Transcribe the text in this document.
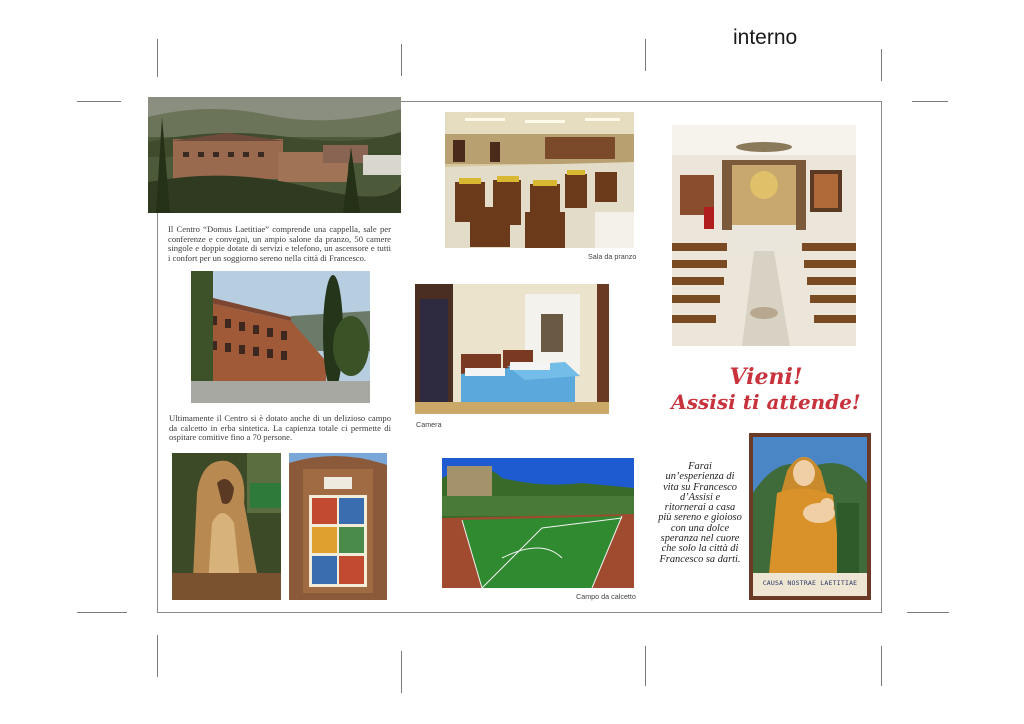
interno
Il Centro “Domus Laetitiae” comprende una cappella, sale per conferenze e convegni, un ampio salone da pranzo, 50 camere singole e doppie dotate di servizi e telefono, un ascensore e tutti i confort per un soggiorno sereno nella città di Francesco.
Ultimamente il Centro si è dotato anche di un delizioso campo da calcetto in erba sintetica. La capienza totale ci permette di ospitare comitive fino a 70 persone.
Sala da pranzo
Camera
Campo da calcetto
Vieni!
Assisi ti attende!
Farai
un’esperienza di
vita su Francesco
d’Assisi e
ritornerai a casa
più sereno e gioioso
con una dolce
speranza nel cuore
che solo la città di
Francesco sa darti.
CAUSA NOSTRAE LAETITIAE
